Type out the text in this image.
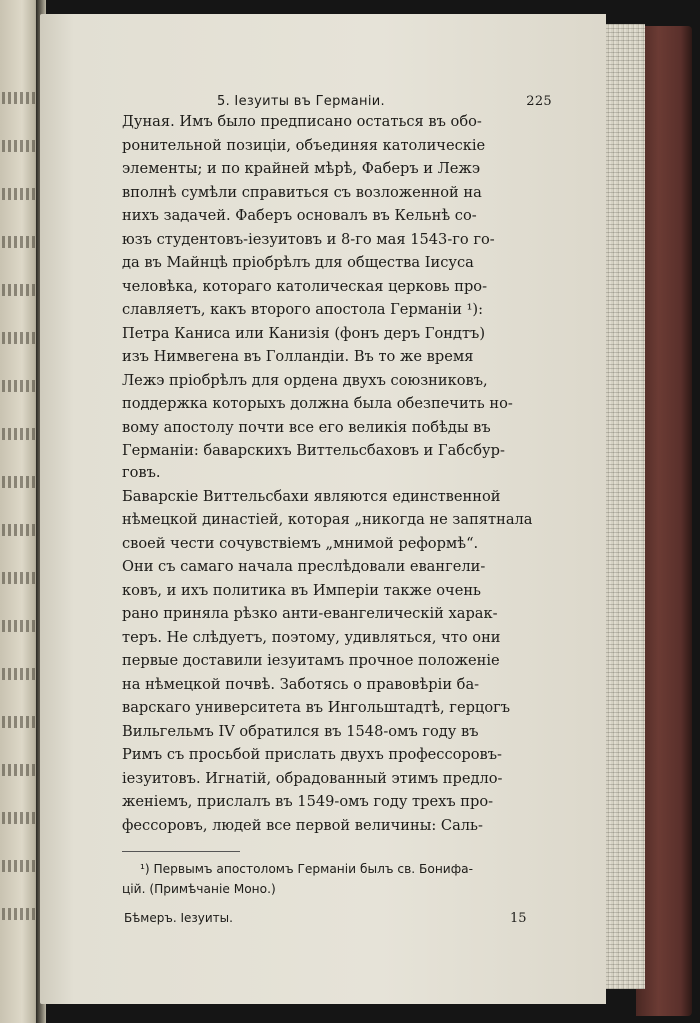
5. Іезуиты въ Германіи.	225
Дуная. Имъ было предписано остаться въ обо-
ронительной позиціи, объединяя католическіе
элементы; и по крайней мѣрѣ, Фаберъ и Лежэ
вполнѣ сумѣли справиться съ возложенной на
нихъ задачей. Фаберъ основалъ въ Кельнѣ со-
юзъ студентовъ-іезуитовъ и 8-го мая 1543-го го-
да въ Майнцѣ пріобрѣлъ для общества Іисуса
человѣка, котораго католическая церковь про-
славляетъ, какъ второго апостола Германіи ¹):
Петра Каниса или Канизія (фонъ деръ Гондтъ)
изъ Нимвегена въ Голландіи. Въ то же время
Лежэ пріобрѣлъ для ордена двухъ союзниковъ,
поддержка которыхъ должна была обезпечить но-
вому апостолу почти все его великія побѣды въ
Германіи: баварскихъ Виттельсбаховъ и Габсбур-
говъ.
Баварскіе Виттельсбахи являются единственной
нѣмецкой династіей, которая „никогда не запятнала
своей чести сочувствіемъ „мнимой реформѣ“.
Они съ самаго начала преслѣдовали евангели-
ковъ, и ихъ политика въ Имперіи также очень
рано приняла рѣзко анти-евангелическій харак-
теръ. Не слѣдуетъ, поэтому, удивляться, что они
первые доставили іезуитамъ прочное положеніе
на нѣмецкой почвѣ. Заботясь о правовѣріи ба-
варскаго университета въ Ингольштадтѣ, герцогъ
Вильгельмъ IV обратился въ 1548-омъ году въ
Римъ съ просьбой прислать двухъ профессоровъ-
іезуитовъ. Игнатій, обрадованный этимъ предло-
женіемъ, прислалъ въ 1549-омъ году трехъ про-
фессоровъ, людей все первой величины: Саль-
¹) Первымъ апостоломъ Германіи былъ св. Бонифа-
цій. (Примѣчаніе Моно.)
Бѣмеръ. Іезуиты.	15
